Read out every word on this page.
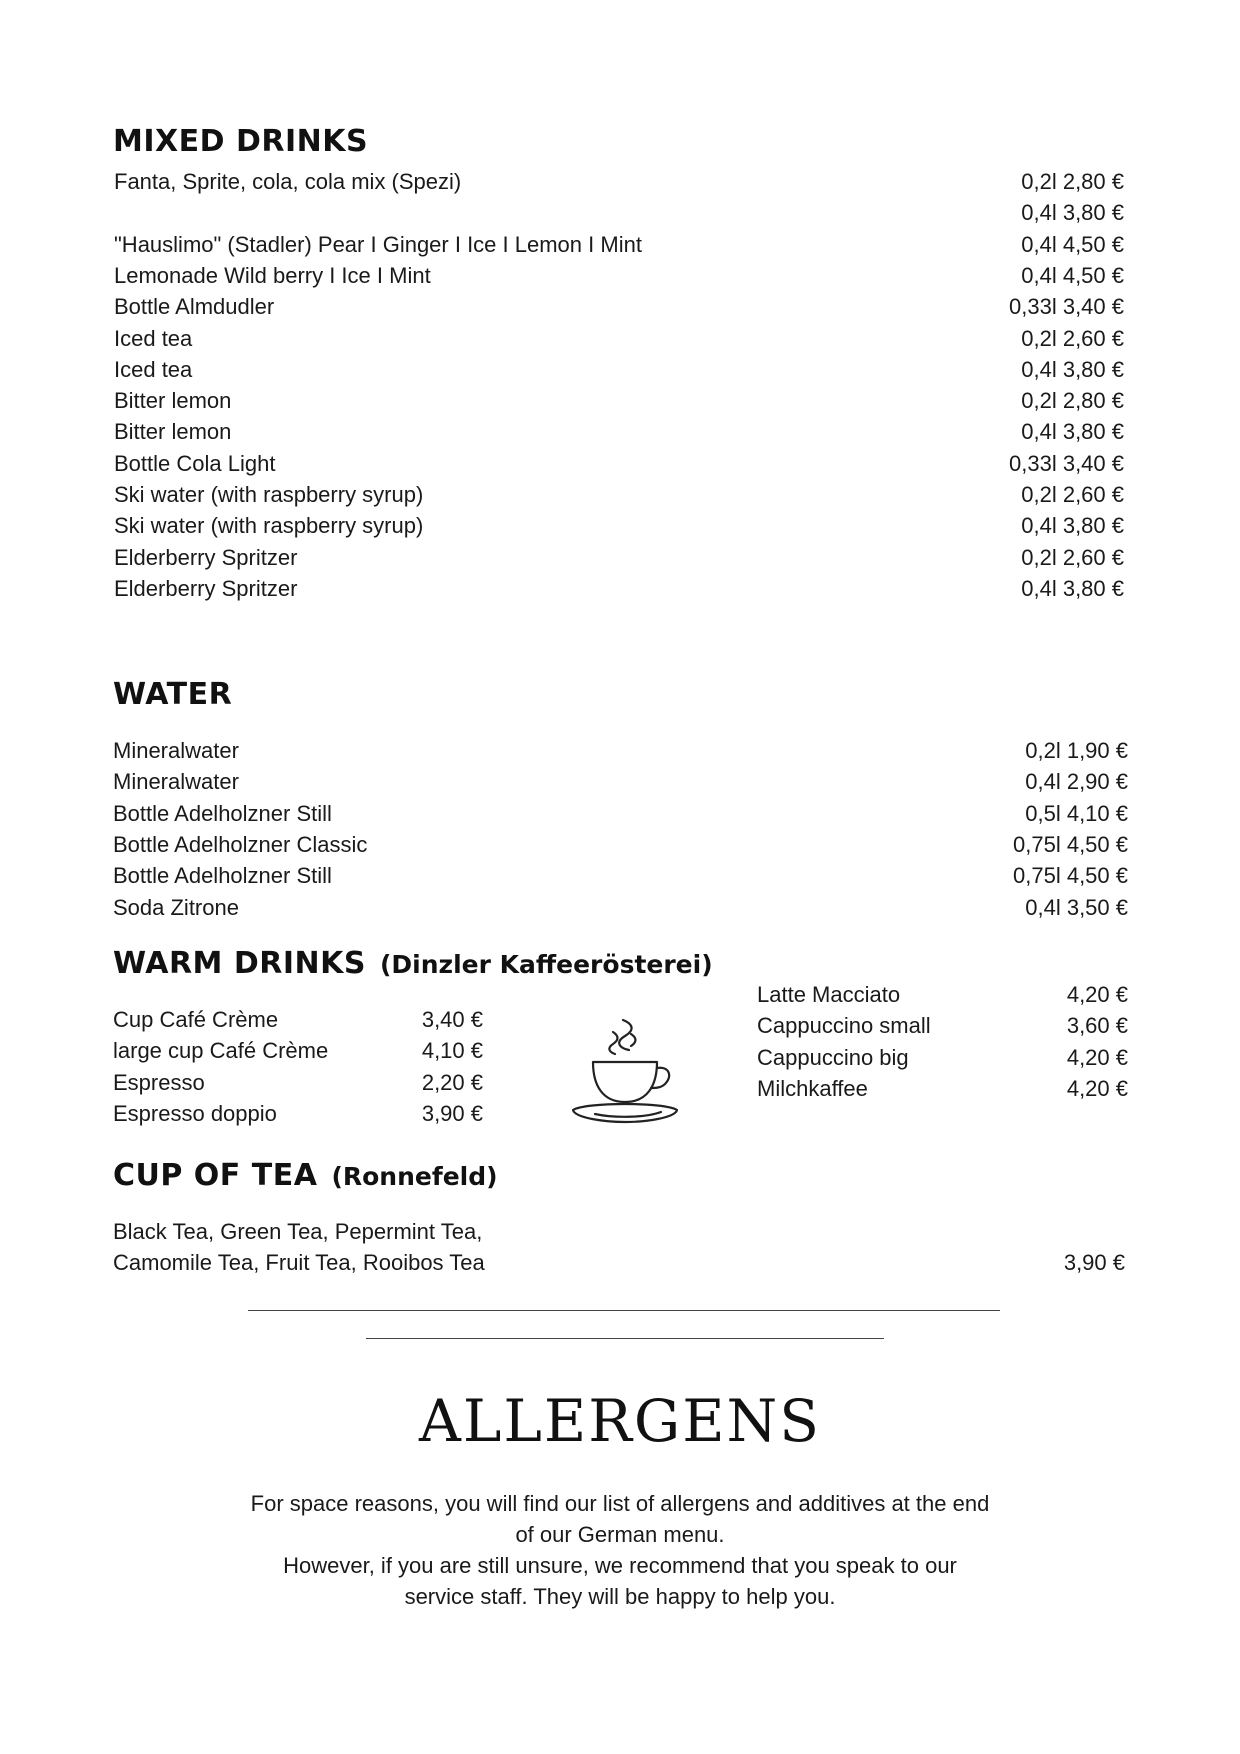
MIXED DRINKS
Fanta, Sprite, cola, cola mix (Spezi)	0,2l 2,80 €
0,4l 3,80 €
"Hauslimo" (Stadler) Pear I Ginger I Ice I Lemon I Mint	0,4l 4,50 €
Lemonade Wild berry I Ice I Mint	0,4l 4,50 €
Bottle Almdudler	0,33l 3,40 €
Iced tea	0,2l 2,60 €
Iced tea	0,4l 3,80 €
Bitter lemon	0,2l 2,80 €
Bitter lemon	0,4l 3,80 €
Bottle Cola Light	0,33l 3,40 €
Ski water (with raspberry syrup)	0,2l 2,60 €
Ski water (with raspberry syrup)	0,4l 3,80 €
Elderberry Spritzer	0,2l 2,60 €
Elderberry Spritzer	0,4l 3,80 €
WATER
Mineralwater	0,2l 1,90 €
Mineralwater	0,4l 2,90 €
Bottle Adelholzner Still	0,5l 4,10 €
Bottle Adelholzner Classic	0,75l 4,50 €
Bottle Adelholzner Still	0,75l 4,50 €
Soda Zitrone	0,4l 3,50 €
WARM DRINKS (Dinzler Kaffeerösterei)
Cup Café Crème	3,40 €
large cup Café Crème	4,10 €
Espresso	2,20 €
Espresso doppio	3,90 €
Latte Macciato	4,20 €
Cappuccino small	3,60 €
Cappuccino big	4,20 €
Milchkaffee	4,20 €
CUP OF TEA (Ronnefeld)
Black Tea, Green Tea, Pepermint Tea,
Camomile Tea, Fruit Tea, Rooibos Tea	3,90 €
ALLERGENS
For space reasons, you will find our list of allergens and additives at the end
of our German menu.
However, if you are still unsure, we recommend that you speak to our
service staff. They will be happy to help you.
